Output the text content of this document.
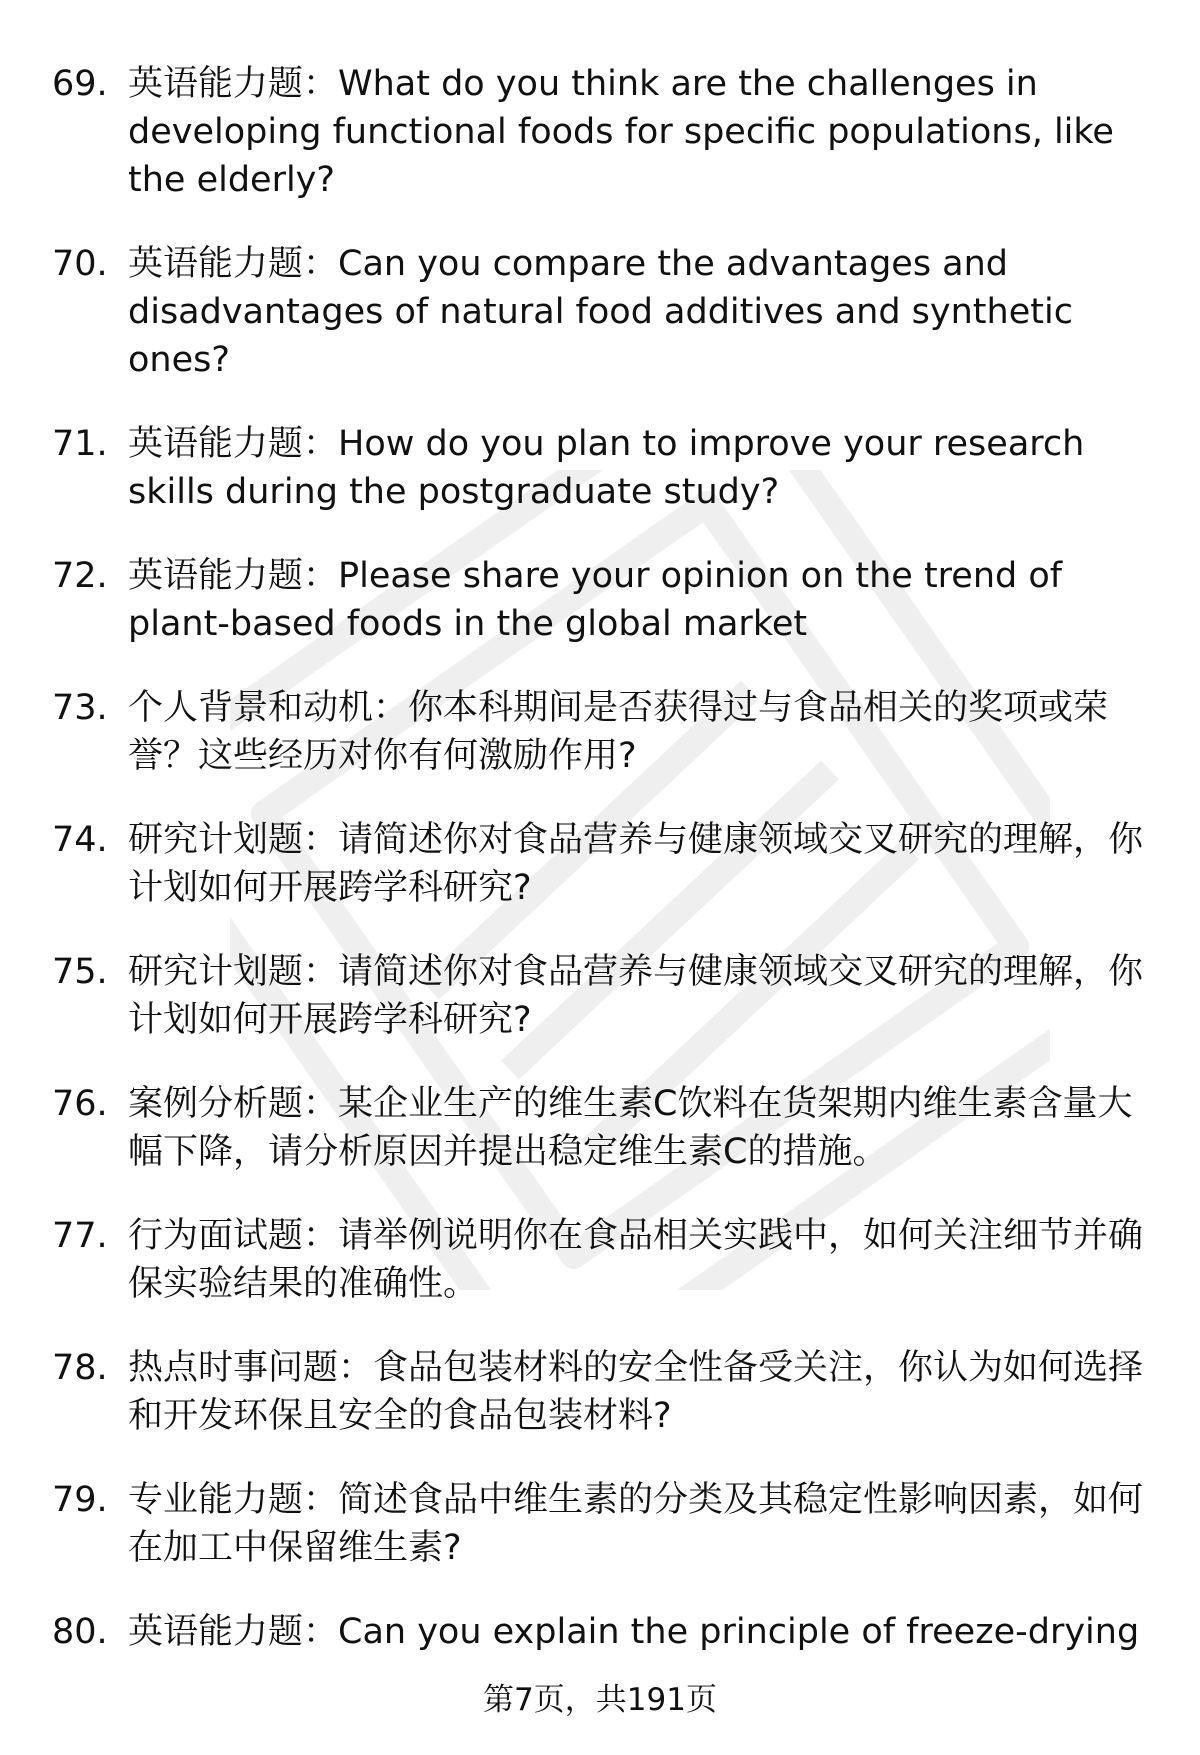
69. 英语能力题：What do you think are the challenges in developing functional foods for specific populations, like the elderly?
70. 英语能力题：Can you compare the advantages and disadvantages of natural food additives and synthetic ones?
71. 英语能力题：How do you plan to improve your research skills during the postgraduate study?
72. 英语能力题：Please share your opinion on the trend of plant-based foods in the global market
73. 个人背景和动机：你本科期间是否获得过与食品相关的奖项或荣誉？这些经历对你有何激励作用?
74. 研究计划题：请简述你对食品营养与健康领域交叉研究的理解，你计划如何开展跨学科研究?
75. 研究计划题：请简述你对食品营养与健康领域交叉研究的理解，你计划如何开展跨学科研究?
76. 案例分析题：某企业生产的维生素C饮料在货架期内维生素含量大幅下降，请分析原因并提出稳定维生素C的措施。
77. 行为面试题：请举例说明你在食品相关实践中，如何关注细节并确保实验结果的准确性。
78. 热点时事问题：食品包装材料的安全性备受关注，你认为如何选择和开发环保且安全的食品包装材料?
79. 专业能力题：简述食品中维生素的分类及其稳定性影响因素，如何在加工中保留维生素?
80. 英语能力题：Can you explain the principle of freeze-drying
第7页，共191页
